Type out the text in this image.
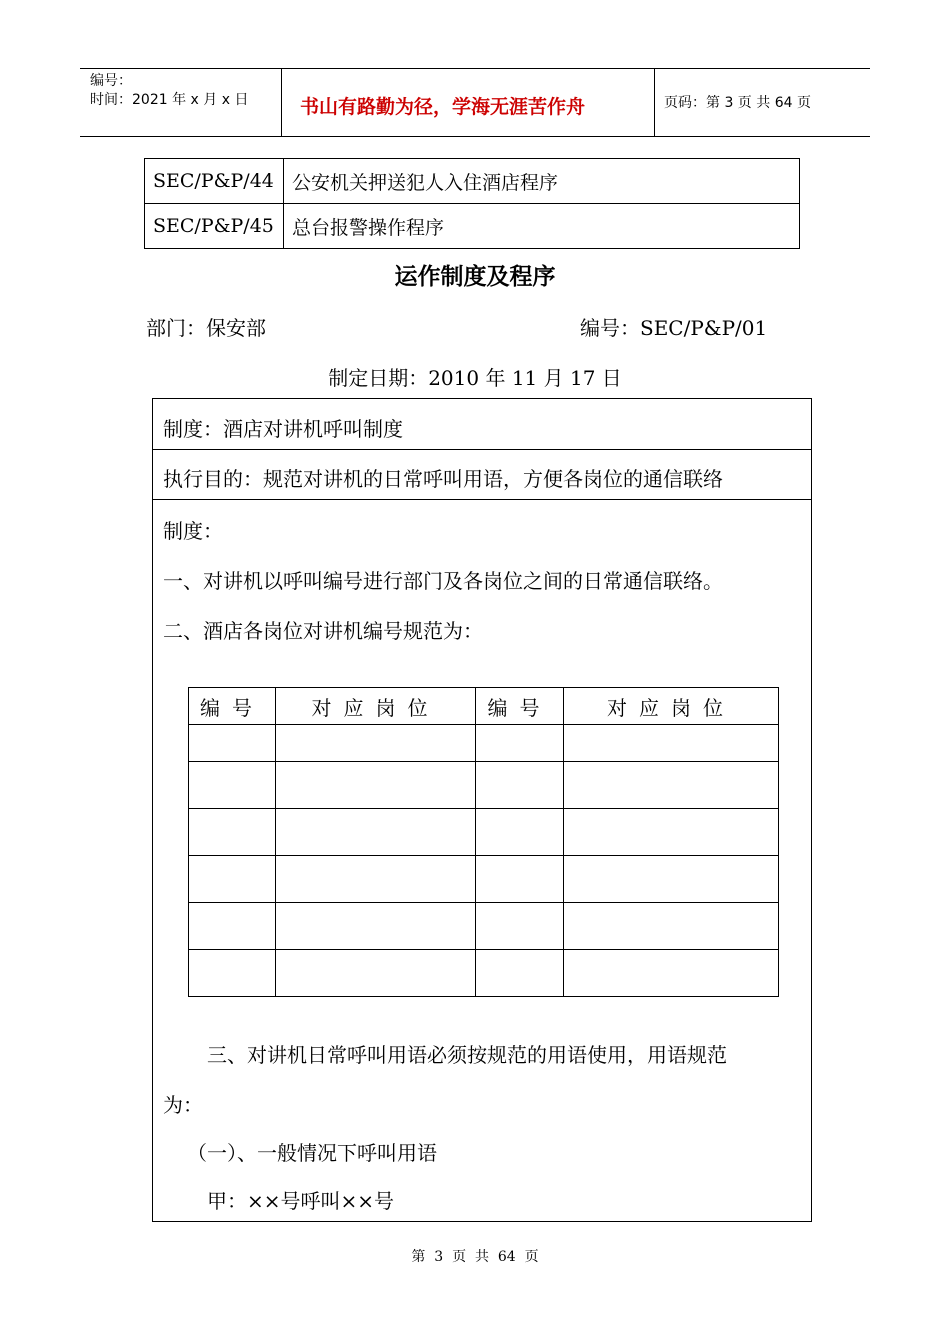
编号：
时间：2021 年 x 月 x 日	书山有路勤为径，学海无涯苦作舟	页码：第 3 页 共 64 页
SEC/P&P/44	公安机关押送犯人入住酒店程序
SEC/P&P/45	总台报警操作程序
运作制度及程序
部门：保安部	编号：SEC/P&P/01
制定日期：2010 年 11 月 17 日
制度：酒店对讲机呼叫制度
执行目的：规范对讲机的日常呼叫用语，方便各岗位的通信联络
制度：
一、对讲机以呼叫编号进行部门及各岗位之间的日常通信联络。
二、酒店各岗位对讲机编号规范为：
三、对讲机日常呼叫用语必须按规范的用语使用，用语规范
为：
（一）、一般情况下呼叫用语
甲：××号呼叫××号
编号	对应岗位	编号	对应岗位

第  3  页  共  64  页
